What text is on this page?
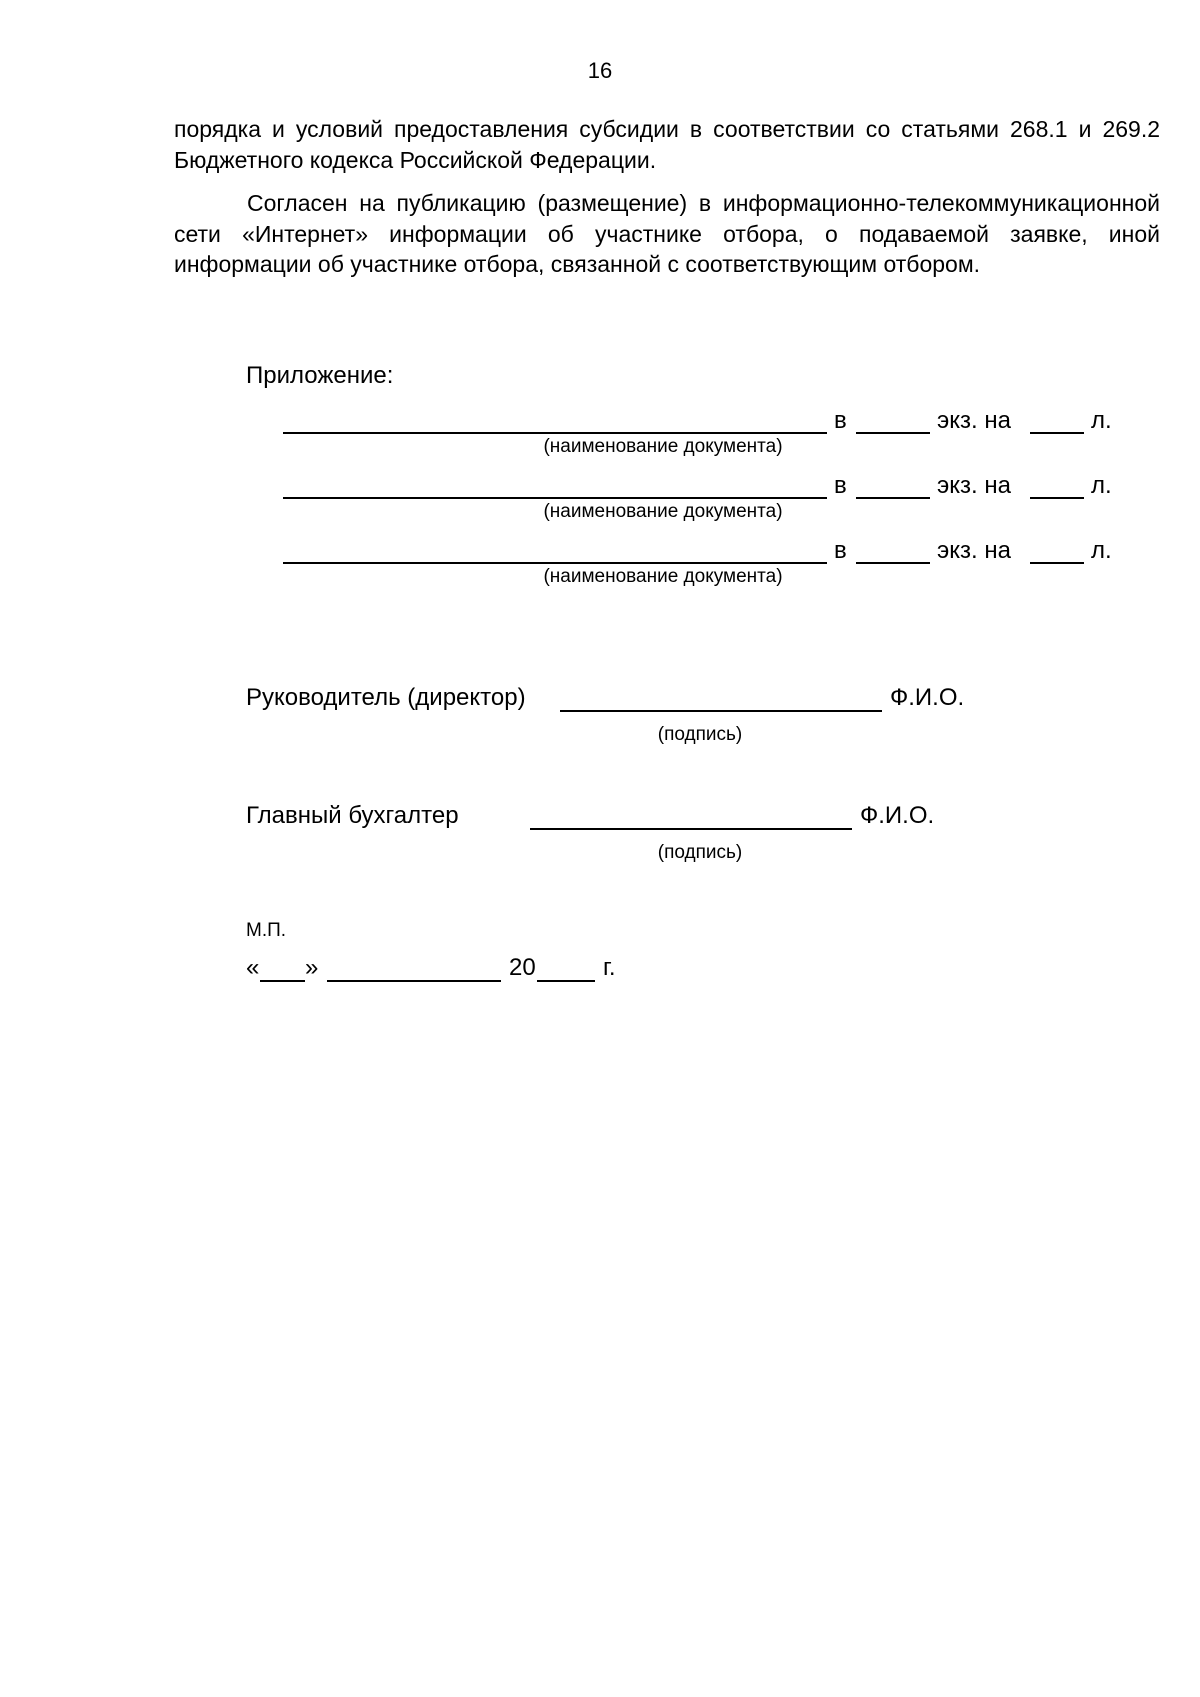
16

порядка и условий предоставления субсидии в соответствии со статьями 268.1 и 269.2 Бюджетного кодекса Российской Федерации.

Согласен на публикацию (размещение) в информационно-телекоммуникационной сети «Интернет» информации об участнике отбора, о подаваемой заявке, иной информации об участнике отбора, связанной с соответствующим отбором.

Приложение:
в	экз. на	л.
(наименование документа)
в	экз. на	л.
(наименование документа)
в	экз. на	л.
(наименование документа)
Руководитель (директор)	Ф.И.О.
(подпись)
Главный бухгалтер	Ф.И.О.
(подпись)
М.П.
« »	20	г.
